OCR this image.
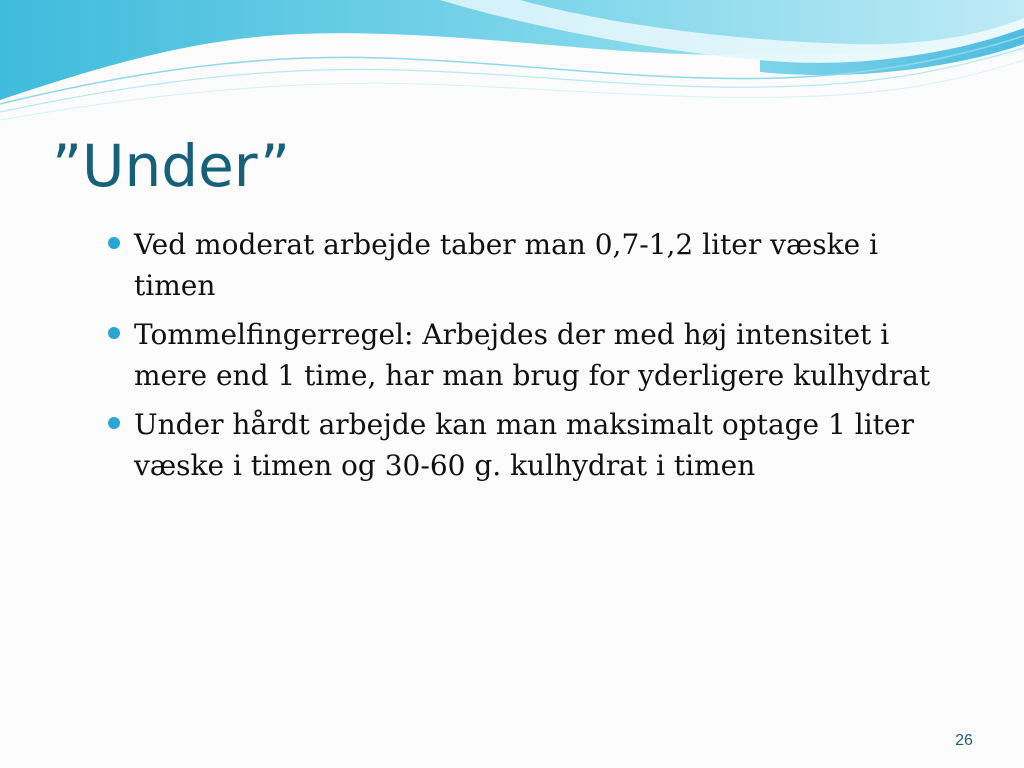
”Under”
Ved moderat arbejde taber man 0,7-1,2 liter væske i timen
Tommelfingerregel: Arbejdes der med høj intensitet i mere end 1 time, har man brug for yderligere kulhydrat
Under hårdt arbejde kan man maksimalt optage 1 liter væske i timen og 30-60 g. kulhydrat i timen
26
